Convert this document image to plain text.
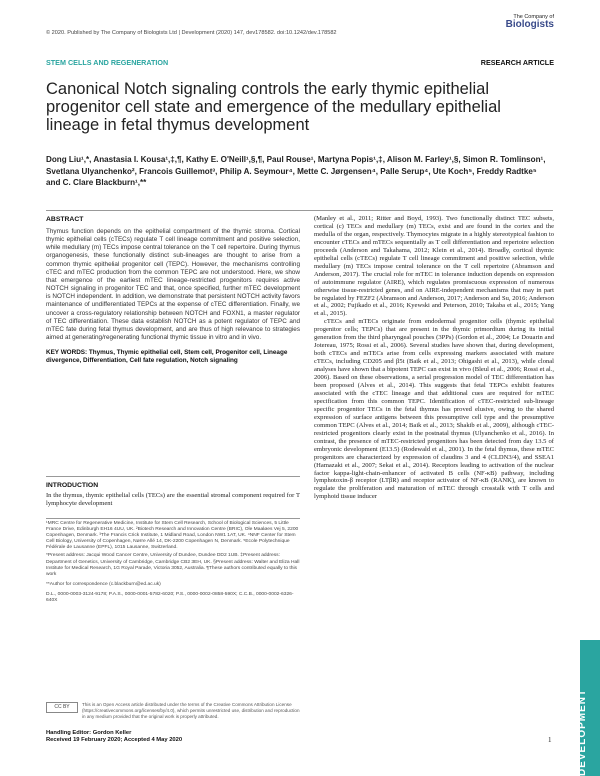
© 2020. Published by The Company of Biologists Ltd | Development (2020) 147, dev178582. doi:10.1242/dev.178582
The Company of
Biologists
STEM CELLS AND REGENERATION	RESEARCH ARTICLE
Canonical Notch signaling controls the early thymic epithelial progenitor cell state and emergence of the medullary epithelial lineage in fetal thymus development
Dong Liu¹,*, Anastasia I. Kousa¹,‡,¶, Kathy E. O'Neill¹,§,¶, Paul Rouse¹, Martyna Popis¹,‡, Alison M. Farley¹,§, Simon R. Tomlinson¹, Svetlana Ulyanchenko², Francois Guillemot³, Philip A. Seymour⁴, Mette C. Jørgensen⁴, Palle Serup⁴, Ute Koch⁵, Freddy Radtke⁵ and C. Clare Blackburn¹,**
ABSTRACT
Thymus function depends on the epithelial compartment of the thymic stroma. Cortical thymic epithelial cells (cTECs) regulate T cell lineage commitment and positive selection, while medullary (m) TECs impose central tolerance on the T cell repertoire. During thymus organogenesis, these functionally distinct sub-lineages are thought to arise from a common thymic epithelial progenitor cell (TEPC). However, the mechanisms controlling cTEC and mTEC production from the common TEPC are not understood. Here, we show that emergence of the earliest mTEC lineage-restricted progenitors requires active NOTCH signaling in progenitor TEC and that, once specified, further mTEC development is NOTCH independent. In addition, we demonstrate that persistent NOTCH activity favors maintenance of undifferentiated TEPCs at the expense of cTEC differentiation. Finally, we uncover a cross-regulatory relationship between NOTCH and FOXN1, a master regulator of TEC differentiation. These data establish NOTCH as a potent regulator of TEPC and mTEC fate during fetal thymus development, and are thus of high relevance to strategies aimed at generating/regenerating functional thymic tissue in vitro and in vivo.
KEY WORDS: Thymus, Thymic epithelial cell, Stem cell, Progenitor cell, Lineage divergence, Differentiation, Cell fate regulation, Notch signaling
INTRODUCTION
In the thymus, thymic epithelial cells (TECs) are the essential stromal component required for T lymphocyte development
¹MRC Centre for Regenerative Medicine, Institute for Stem Cell Research, School of Biological Sciences, 5 Little France Drive, Edinburgh EH16 4UU, UK. ²Biotech Research and Innovation Centre (BRIC), Ole Maaløes Vej 5, 2200 Copenhagen, Denmark. ³The Francis Crick Institute, 1 Midland Road, London NW1 1AT, UK. ⁴NNF Center for Stem Cell Biology, University of Copenhagen, Nørre Allé 14, DK-2200 Copenhagen N, Denmark. ⁵Ecole Polytechnique Fédérale de Lausanne (EPFL), 1015 Lausanne, Switzerland.
*Present address: Jacqui Wood Cancer Centre, University of Dundee, Dundee DD2 1UB. ‡Present address: Department of Genetics, University of Cambridge, Cambridge CB2 3EH, UK. §Present address: Walter and Eliza Hall Institute for Medical Research, 1G Royal Parade, Victoria 3052, Australia. ¶These authors contributed equally to this work
**Author for correspondence (c.blackburn@ed.ac.uk)
D.L., 0000-0003-3124-9178; P.A.S., 0000-0001-5782-6020; P.S., 0000-0002-0858-590X; C.C.B., 0000-0002-6326-640X
CC BY	This is an Open Access article distributed under the terms of the Creative Commons Attribution License (https://creativecommons.org/licenses/by/4.0), which permits unrestricted use, distribution and reproduction in any medium provided that the original work is properly attributed.
Handling Editor: Gordon Keller
Received 19 February 2020; Accepted 4 May 2020
(Manley et al., 2011; Ritter and Boyd, 1993). Two functionally distinct TEC subsets, cortical (c) TECs and medullary (m) TECs, exist and are found in the cortex and the medulla of the organ, respectively. Thymocytes migrate in a highly stereotypical fashion to encounter cTECs and mTECs sequentially as T cell differentiation and repertoire selection proceeds (Anderson and Takahama, 2012; Klein et al., 2014). Broadly, cortical thymic epithelial cells (cTECs) regulate T cell lineage commitment and positive selection, while medullary (m) TECs impose central tolerance on the T cell repertoire (Abramson and Anderson, 2017). The crucial role for mTEC in tolerance induction depends on expression of autoimmune regulator (AIRE), which regulates promiscuous expression of numerous otherwise tissue-restricted genes, and on AIRE-independent mechanisms that may in part be regulated by FEZF2 (Abramson and Anderson, 2017; Anderson and Su, 2016; Anderson et al., 2002; Fujikado et al., 2016; Kyewski and Peterson, 2010; Takaba et al., 2015; Yang et al., 2015).
cTECs and mTECs originate from endodermal progenitor cells (thymic epithelial progenitor cells; TEPCs) that are present in the thymic primordium during its initial generation from the third pharyngeal pouches (3PPs) (Gordon et al., 2004; Le Douarin and Jotereau, 1975; Rossi et al., 2006). Several studies have shown that, during development, both cTECs and mTECs arise from cells expressing markers associated with mature cTECs, including CD205 and β5t (Baik et al., 2013; Ohigashi et al., 2013), while clonal analyses have shown that a bipotent TEPC can exist in vivo (Bleul et al., 2006; Rossi et al., 2006). Based on these observations, a serial progression model of TEC differentiation has been proposed (Alves et al., 2014). This suggests that fetal TEPCs exhibit features associated with the cTEC lineage and that additional cues are required for mTEC specification from this common TEPC. Identification of cTEC-restricted sub-lineage specific progenitor TECs in the fetal thymus has proved elusive, owing to the shared expression of surface antigens between this presumptive cell type and the presumptive common TEPC (Alves et al., 2014; Baik et al., 2013; Shakib et al., 2009), although cTEC-restricted progenitors clearly exist in the postnatal thymus (Ulyanchenko et al., 2016). In contrast, the presence of mTEC-restricted progenitors has been detected from day 13.5 of embryonic development (E13.5) (Rodewald et al., 2001). In the fetal thymus, these mTEC progenitors are characterized by expression of claudins 3 and 4 (CLDN3/4), and SSEA1 (Hamazaki et al., 2007; Sekai et al., 2014). Receptors leading to activation of the nuclear factor kappa-light-chain-enhancer of activated B cells (NF-κB) pathway, including lymphotoxin-β receptor (LTβR) and receptor activator of NF-κB (RANK), are known to regulate the proliferation and maturation of mTEC through crosstalk with T cells and lymphoid tissue inducer
DEVELOPMENT
1
